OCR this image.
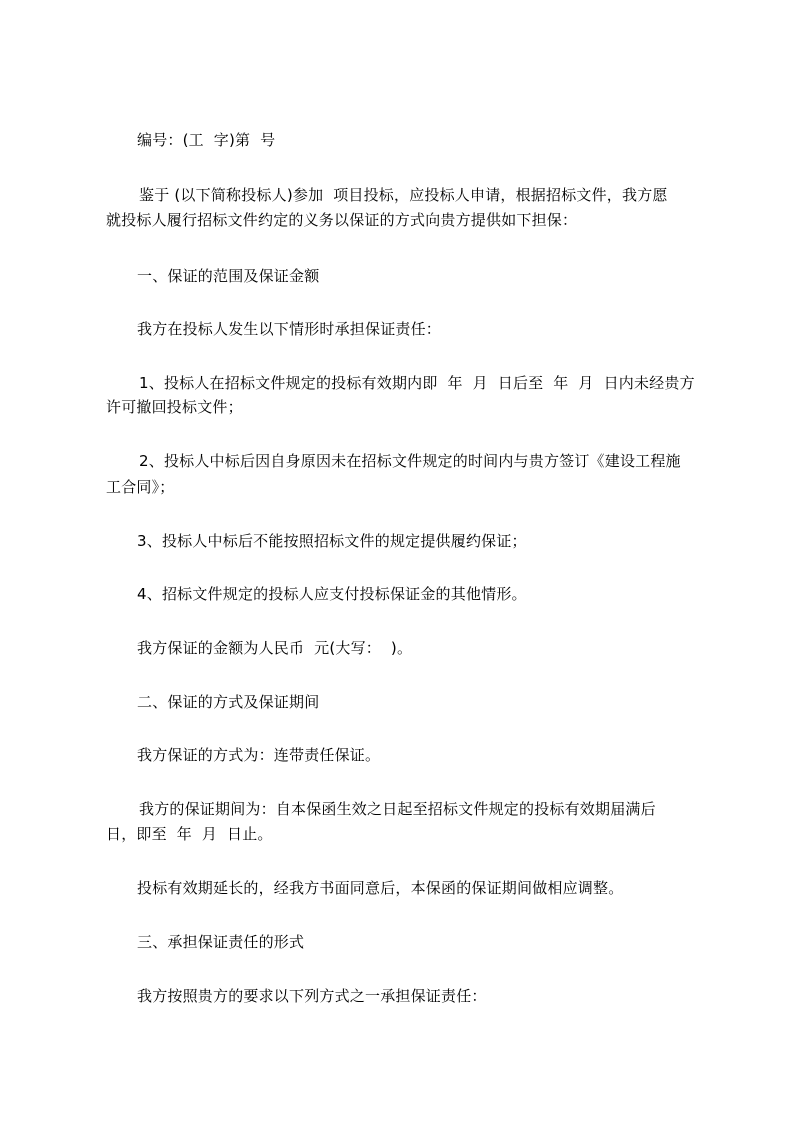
编号：(工  字)第  号
鉴于 (以下简称投标人)参加  项目投标，应投标人申请，根据招标文件，我方愿
就投标人履行招标文件约定的义务以保证的方式向贵方提供如下担保：
一、保证的范围及保证金额
我方在投标人发生以下情形时承担保证责任：
1、投标人在招标文件规定的投标有效期内即  年  月  日后至  年  月  日内未经贵方
许可撤回投标文件；
2、投标人中标后因自身原因未在招标文件规定的时间内与贵方签订《建设工程施
工合同》；
3、投标人中标后不能按照招标文件的规定提供履约保证；
4、招标文件规定的投标人应支付投标保证金的其他情形。
我方保证的金额为人民币  元(大写：  )。
二、保证的方式及保证期间
我方保证的方式为：连带责任保证。
我方的保证期间为：自本保函生效之日起至招标文件规定的投标有效期届满后
日，即至  年  月  日止。
投标有效期延长的，经我方书面同意后，本保函的保证期间做相应调整。
三、承担保证责任的形式
我方按照贵方的要求以下列方式之一承担保证责任：
